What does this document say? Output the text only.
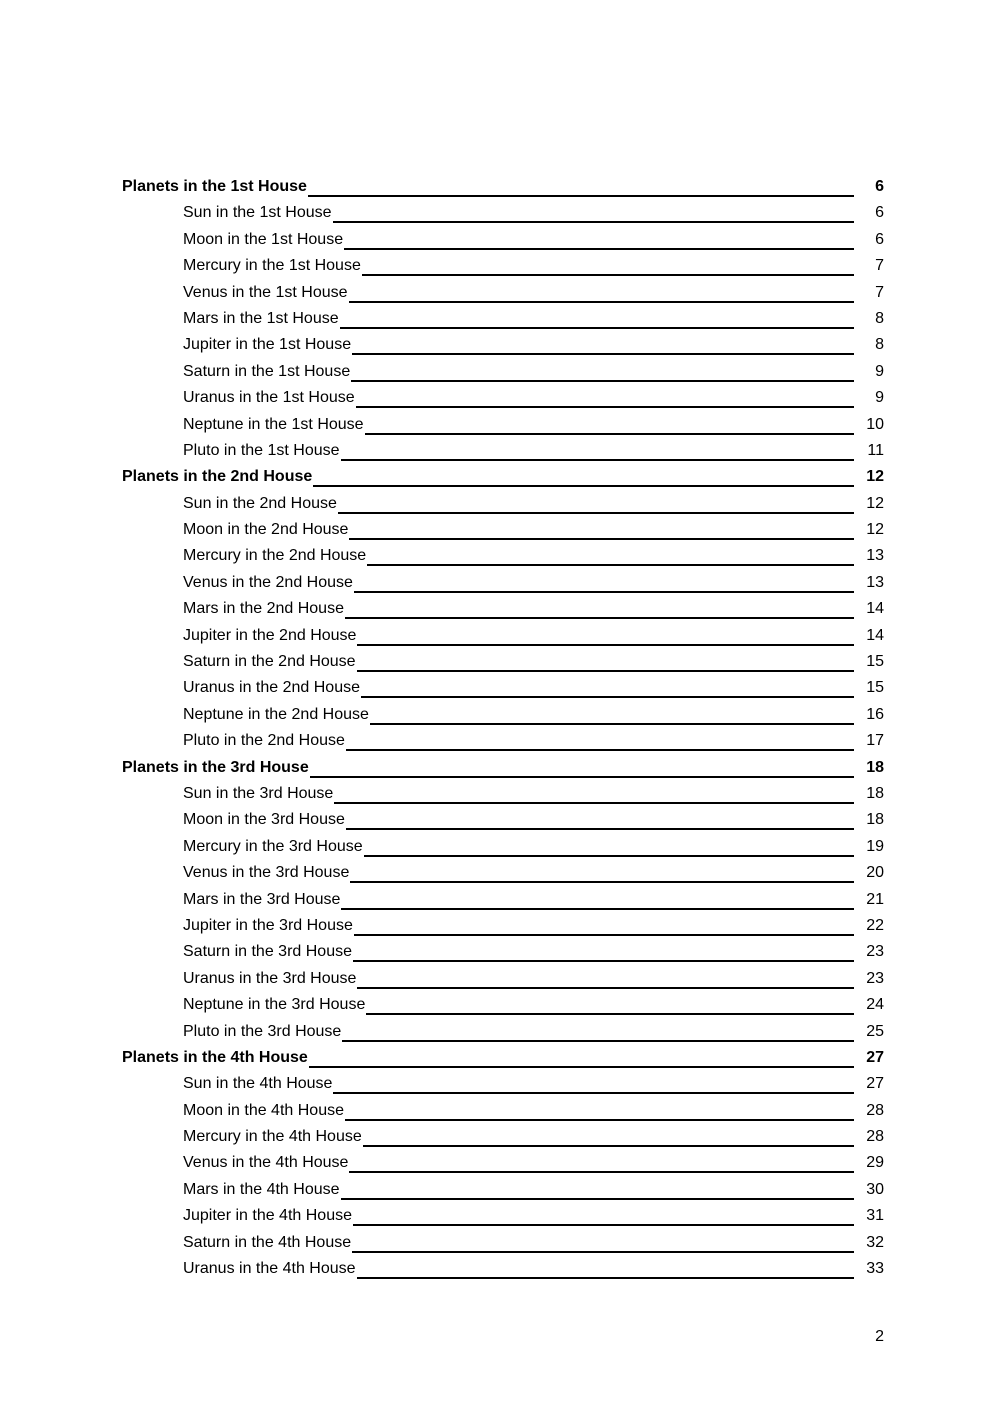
Planets in the 1st House	6
Sun in the 1st House	6
Moon in the 1st House	6
Mercury in the 1st House	7
Venus in the 1st House	7
Mars in the 1st House	8
Jupiter in the 1st House	8
Saturn in the 1st House	9
Uranus in the 1st House	9
Neptune in the 1st House	10
Pluto in the 1st House	11
Planets in the 2nd House	12
Sun in the 2nd House	12
Moon in the 2nd House	12
Mercury in the 2nd House	13
Venus in the 2nd House	13
Mars in the 2nd House	14
Jupiter in the 2nd House	14
Saturn in the 2nd House	15
Uranus in the 2nd House	15
Neptune in the 2nd House	16
Pluto in the 2nd House	17
Planets in the 3rd House	18
Sun in the 3rd House	18
Moon in the 3rd House	18
Mercury in the 3rd House	19
Venus in the 3rd House	20
Mars in the 3rd House	21
Jupiter in the 3rd House	22
Saturn in the 3rd House	23
Uranus in the 3rd House	23
Neptune in the 3rd House	24
Pluto in the 3rd House	25
Planets in the 4th House	27
Sun in the 4th House	27
Moon in the 4th House	28
Mercury in the 4th House	28
Venus in the 4th House	29
Mars in the 4th House	30
Jupiter in the 4th House	31
Saturn in the 4th House	32
Uranus in the 4th House	33
2
